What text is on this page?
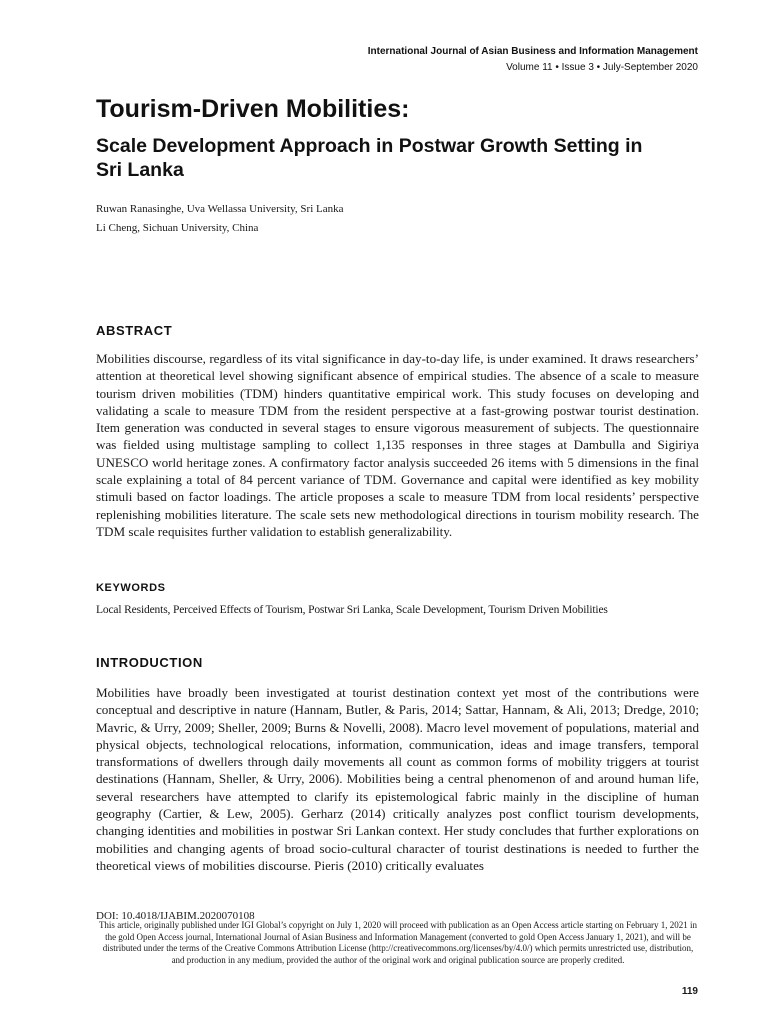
International Journal of Asian Business and Information Management
Volume 11 • Issue 3 • July-September 2020
Tourism-Driven Mobilities:
Scale Development Approach in Postwar Growth Setting in Sri Lanka
Ruwan Ranasinghe, Uva Wellassa University, Sri Lanka
Li Cheng, Sichuan University, China
ABSTRACT

Mobilities discourse, regardless of its vital significance in day-to-day life, is under examined. It draws researchers’ attention at theoretical level showing significant absence of empirical studies. The absence of a scale to measure tourism driven mobilities (TDM) hinders quantitative empirical work. This study focuses on developing and validating a scale to measure TDM from the resident perspective at a fast-growing postwar tourist destination. Item generation was conducted in several stages to ensure vigorous measurement of subjects. The questionnaire was fielded using multistage sampling to collect 1,135 responses in three stages at Dambulla and Sigiriya UNESCO world heritage zones. A confirmatory factor analysis succeeded 26 items with 5 dimensions in the final scale explaining a total of 84 percent variance of TDM. Governance and capital were identified as key mobility stimuli based on factor loadings. The article proposes a scale to measure TDM from local residents’ perspective replenishing mobilities literature. The scale sets new methodological directions in tourism mobility research. The TDM scale requisites further validation to establish generalizability.

KEYWORDS
Local Residents, Perceived Effects of Tourism, Postwar Sri Lanka, Scale Development, Tourism Driven Mobilities
INTRODUCTION

Mobilities have broadly been investigated at tourist destination context yet most of the contributions were conceptual and descriptive in nature (Hannam, Butler, & Paris, 2014; Sattar, Hannam, & Ali, 2013; Dredge, 2010; Mavric, & Urry, 2009; Sheller, 2009; Burns & Novelli, 2008). Macro level movement of populations, material and physical objects, technological relocations, information, communication, ideas and image transfers, temporal transformations of dwellers through daily movements all count as common forms of mobility triggers at tourist destinations (Hannam, Sheller, & Urry, 2006). Mobilities being a central phenomenon of and around human life, several researchers have attempted to clarify its epistemological fabric mainly in the discipline of human geography (Cartier, & Lew, 2005). Gerharz (2014) critically analyzes post conflict tourism developments, changing identities and mobilities in postwar Sri Lankan context. Her study concludes that further explorations on mobilities and changing agents of broad socio-cultural character of tourist destinations is needed to further the theoretical views of mobilities discourse. Pieris (2010) critically evaluates

DOI: 10.4018/IJABIM.2020070108
This article, originally published under IGI Global’s copyright on July 1, 2020 will proceed with publication as an Open Access article starting on February 1, 2021 in the gold Open Access journal, International Journal of Asian Business and Information Management (converted to gold Open Access January 1, 2021), and will be distributed under the terms of the Creative Commons Attribution License (http://creativecommons.org/licenses/by/4.0/) which permits unrestricted use, distribution, and production in any medium, provided the author of the original work and original publication source are properly credited.
119
